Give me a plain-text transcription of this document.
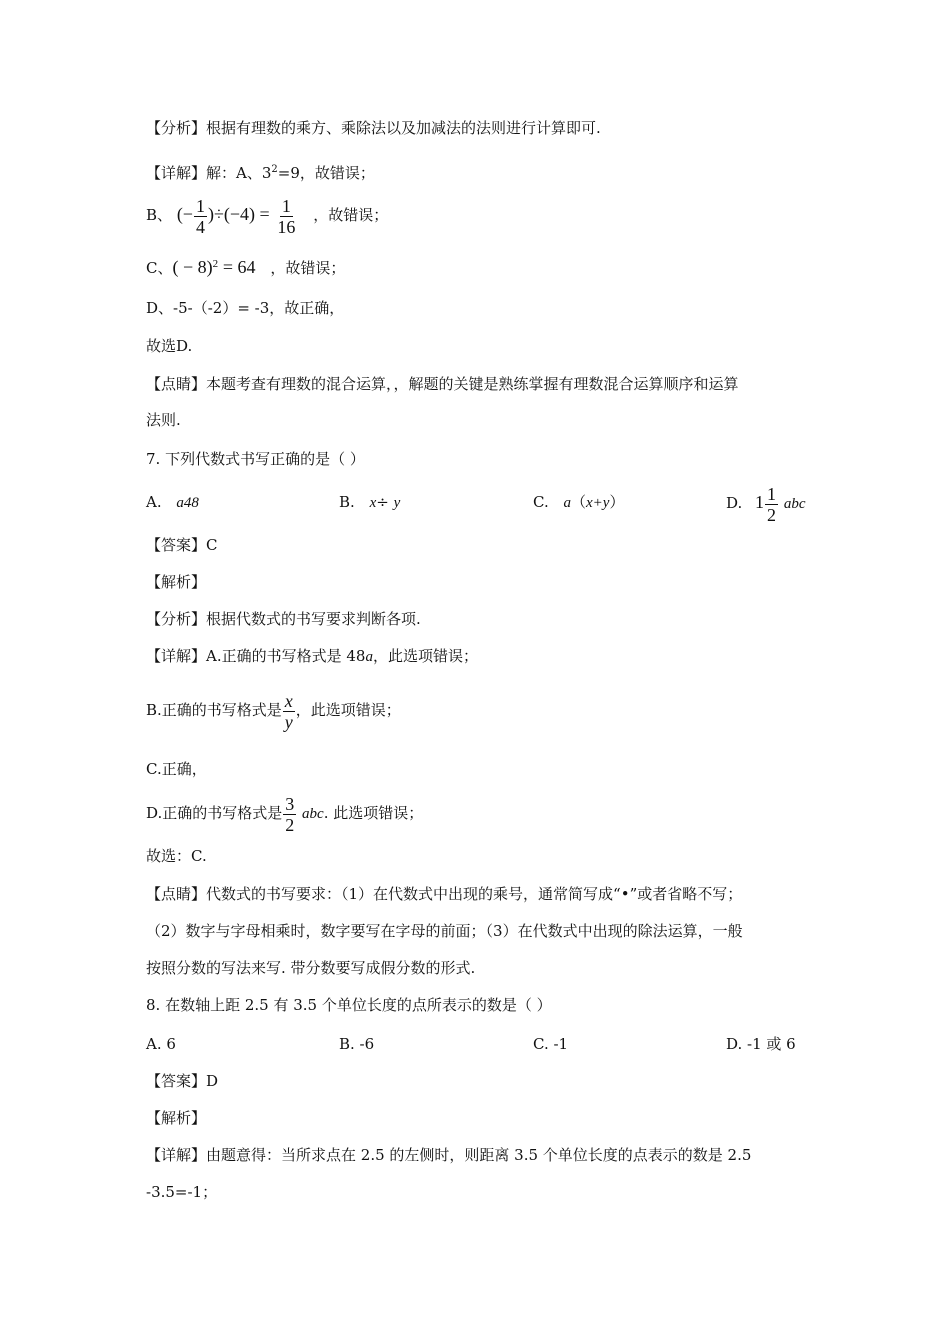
【分析】根据有理数的乘方、乘除法以及加减法的法则进行计算即可.
【详解】解：A、$3^2=9$，故错误；
B、 (− $\frac{1}{4} )\div(-4) = \frac{1}{16}$ ，故错误；
C、( − 8)$^2$ = 64 ，故错误；
D、-5-（-2）= -3，故正确，
故选D.
【点睛】本题考查有理数的混合运算，，解题的关键是熟练掌握有理数混合运算顺序和运算
法则.
7. 下列代数式书写正确的是（ ）
A. a48	B. x÷ y	C. a（x+y）	D. $1 \frac{1}{2}$ abc
【答案】C
【解析】
【分析】根据代数式的书写要求判断各项.
【详解】A.正确的书写格式是 48a，此选项错误；
B.正确的书写格式是 $\frac{x}{y}$ ，此选项错误；
C.正确，
D.正确的书写格式是 $\frac{3}{2}$ abc. 此选项错误；
故选：C.
【点睛】代数式的书写要求：（1）在代数式中出现的乘号，通常简写成“•”或者省略不写；
（2）数字与字母相乘时，数字要写在字母的前面；（3）在代数式中出现的除法运算，一般
按照分数的写法来写. 带分数要写成假分数的形式.
8. 在数轴上距 2.5 有 3.5 个单位长度的点所表示的数是（ ）
A. 6	B. -6	C. -1	D. -1 或 6
【答案】D
【解析】
【详解】由题意得：当所求点在 2.5 的左侧时，则距离 3.5 个单位长度的点表示的数是 2.5
-3.5=-1；
